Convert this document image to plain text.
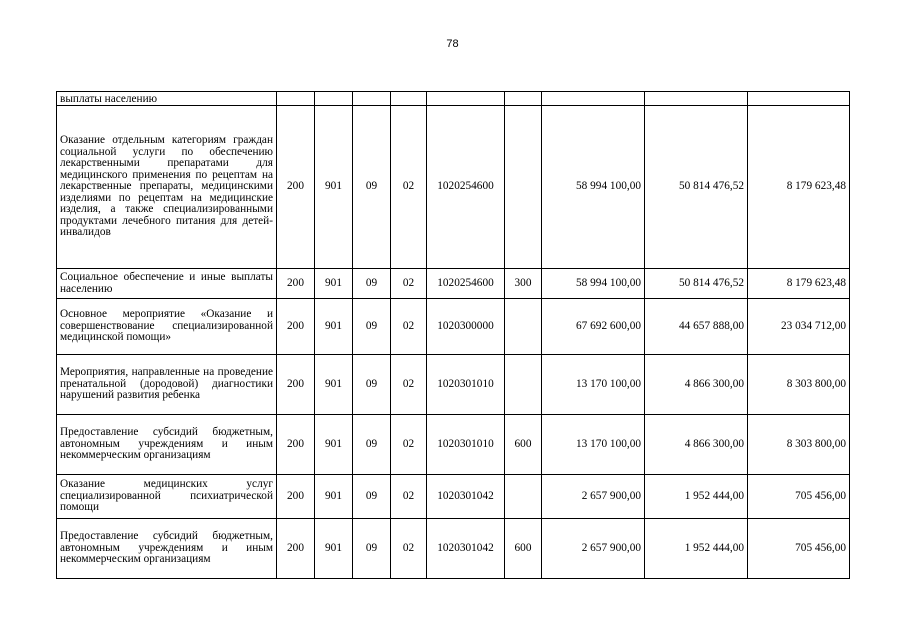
78
выплаты населению									
Оказание отдельным категориям граждан социальной услуги по обеспечению лекарственными препаратами для медицинского применения по рецептам на лекарственные препараты, медицинскими изделиями по рецептам на медицинские изделия, а также специализированными продуктами лечебного питания для детей-инвалидов	200	901	09	02	1020254600		58 994 100,00	50 814 476,52	8 179 623,48
Социальное обеспечение и иные выплаты населению	200	901	09	02	1020254600	300	58 994 100,00	50 814 476,52	8 179 623,48
Основное мероприятие «Оказание и совершенствование специализированной медицинской помощи»	200	901	09	02	1020300000		67 692 600,00	44 657 888,00	23 034 712,00
Мероприятия, направленные на проведение пренатальной (дородовой) диагностики нарушений развития ребенка	200	901	09	02	1020301010		13 170 100,00	4 866 300,00	8 303 800,00
Предоставление субсидий бюджетным, автономным учреждениям и иным некоммерческим организациям	200	901	09	02	1020301010	600	13 170 100,00	4 866 300,00	8 303 800,00
Оказание медицинских услуг специализированной психиатрической помощи	200	901	09	02	1020301042		2 657 900,00	1 952 444,00	705 456,00
Предоставление субсидий бюджетным, автономным учреждениям и иным некоммерческим организациям	200	901	09	02	1020301042	600	2 657 900,00	1 952 444,00	705 456,00
